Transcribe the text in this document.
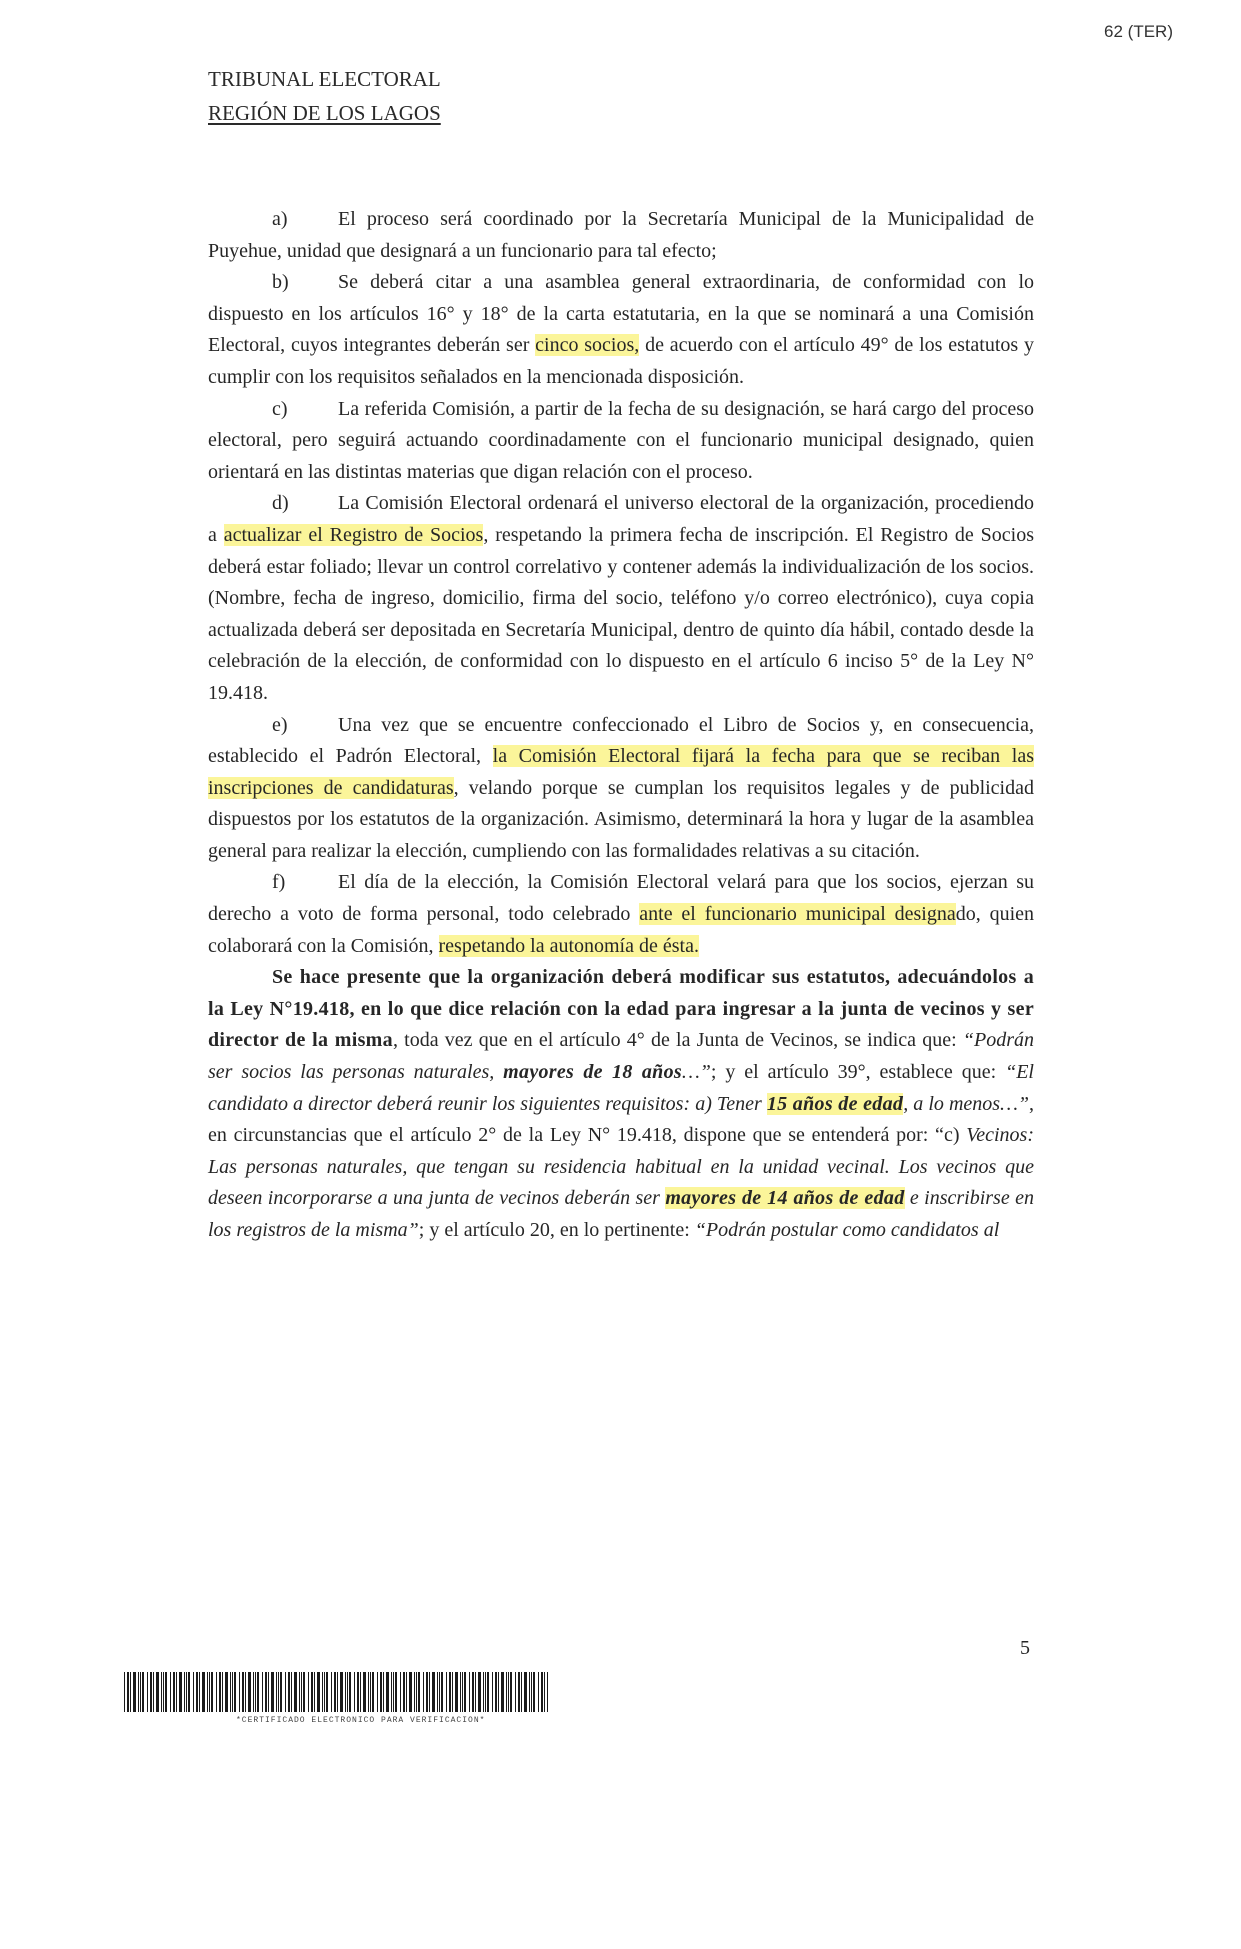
62 (TER)
TRIBUNAL ELECTORAL
REGIÓN DE LOS LAGOS

a)	El proceso será coordinado por la Secretaría Municipal de la Municipalidad de Puyehue, unidad que designará a un funcionario para tal efecto;

b) Se deberá citar a una asamblea general extraordinaria, de conformidad con lo dispuesto en los artículos 16° y 18° de la carta estatutaria, en la que se nominará a una Comisión Electoral, cuyos integrantes deberán ser cinco socios, de acuerdo con el artículo 49° de los estatutos y cumplir con los requisitos señalados en la mencionada disposición.

c)	La referida Comisión, a partir de la fecha de su designación, se hará cargo del proceso electoral, pero seguirá actuando coordinadamente con el funcionario municipal designado, quien orientará en las distintas materias que digan relación con el proceso.

d) La Comisión Electoral ordenará el universo electoral de la organización, procediendo a actualizar el Registro de Socios, respetando la primera fecha de inscripción. El Registro de Socios deberá estar foliado; llevar un control correlativo y contener además la individualización de los socios. (Nombre, fecha de ingreso, domicilio, firma del socio, teléfono y/o correo electrónico), cuya copia actualizada deberá ser depositada en Secretaría Municipal, dentro de quinto día hábil, contado desde la celebración de la elección, de conformidad con lo dispuesto en el artículo 6 inciso 5° de la Ley N° 19.418.

e)	Una vez que se encuentre confeccionado el Libro de Socios y, en consecuencia, establecido el Padrón Electoral, la Comisión Electoral fijará la fecha para que se reciban las inscripciones de candidaturas, velando porque se cumplan los requisitos legales y de publicidad dispuestos por los estatutos de la organización. Asimismo, determinará la hora y lugar de la asamblea general para realizar la elección, cumpliendo con las formalidades relativas a su citación.

f)	El día de la elección, la Comisión Electoral velará para que los socios, ejerzan su derecho a voto de forma personal, todo celebrado ante el funcionario municipal designado, quien colaborará con la Comisión, respetando la autonomía de ésta.

Se hace presente que la organización deberá modificar sus estatutos, adecuándolos a la Ley N°19.418, en lo que dice relación con la edad para ingresar a la junta de vecinos y ser director de la misma, toda vez que en el artículo 4° de la Junta de Vecinos, se indica que: “Podrán ser socios las personas naturales, mayores de 18 años…”; y el artículo 39°, establece que: “El candidato a director deberá reunir los siguientes requisitos: a) Tener 15 años de edad, a lo menos…”, en circunstancias que el artículo 2° de la Ley N° 19.418, dispone que se entenderá por: “c) Vecinos: Las personas naturales, que tengan su residencia habitual en la unidad vecinal. Los vecinos que deseen incorporarse a una junta de vecinos deberán ser mayores de 14 años de edad e inscribirse en los registros de la misma”; y el artículo 20, en lo pertinente: “Podrán postular como candidatos al

5
*CERTIFICADO ELECTRONICO PARA VERIFICACION*
